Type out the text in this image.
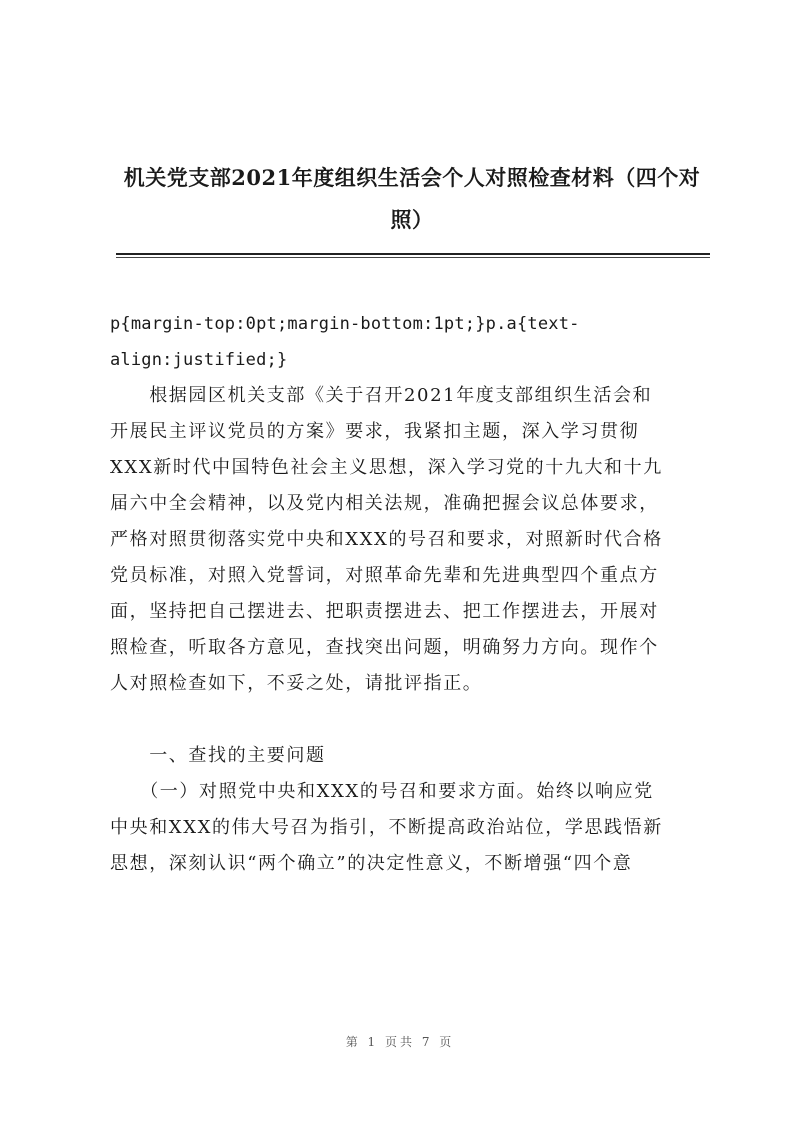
机关党支部2021年度组织生活会个人对照检查材料（四个对
照）
p{margin-top:0pt;margin-bottom:1pt;}p.a{text-
align:justified;}
　　根据园区机关支部《关于召开2021年度支部组织生活会和
开展民主评议党员的方案》要求，我紧扣主题，深入学习贯彻
XXX新时代中国特色社会主义思想，深入学习党的十九大和十九
届六中全会精神，以及党内相关法规，准确把握会议总体要求，
严格对照贯彻落实党中央和XXX的号召和要求，对照新时代合格
党员标准，对照入党誓词，对照革命先辈和先进典型四个重点方
面，坚持把自己摆进去、把职责摆进去、把工作摆进去，开展对
照检查，听取各方意见，查找突出问题，明确努力方向。现作个
人对照检查如下，不妥之处，请批评指正。
　　一、查找的主要问题
　　（一）对照党中央和XXX的号召和要求方面。始终以响应党
中央和XXX的伟大号召为指引，不断提高政治站位，学思践悟新
思想，深刻认识“两个确立”的决定性意义，不断增强“四个意
第 1 页共 7 页
